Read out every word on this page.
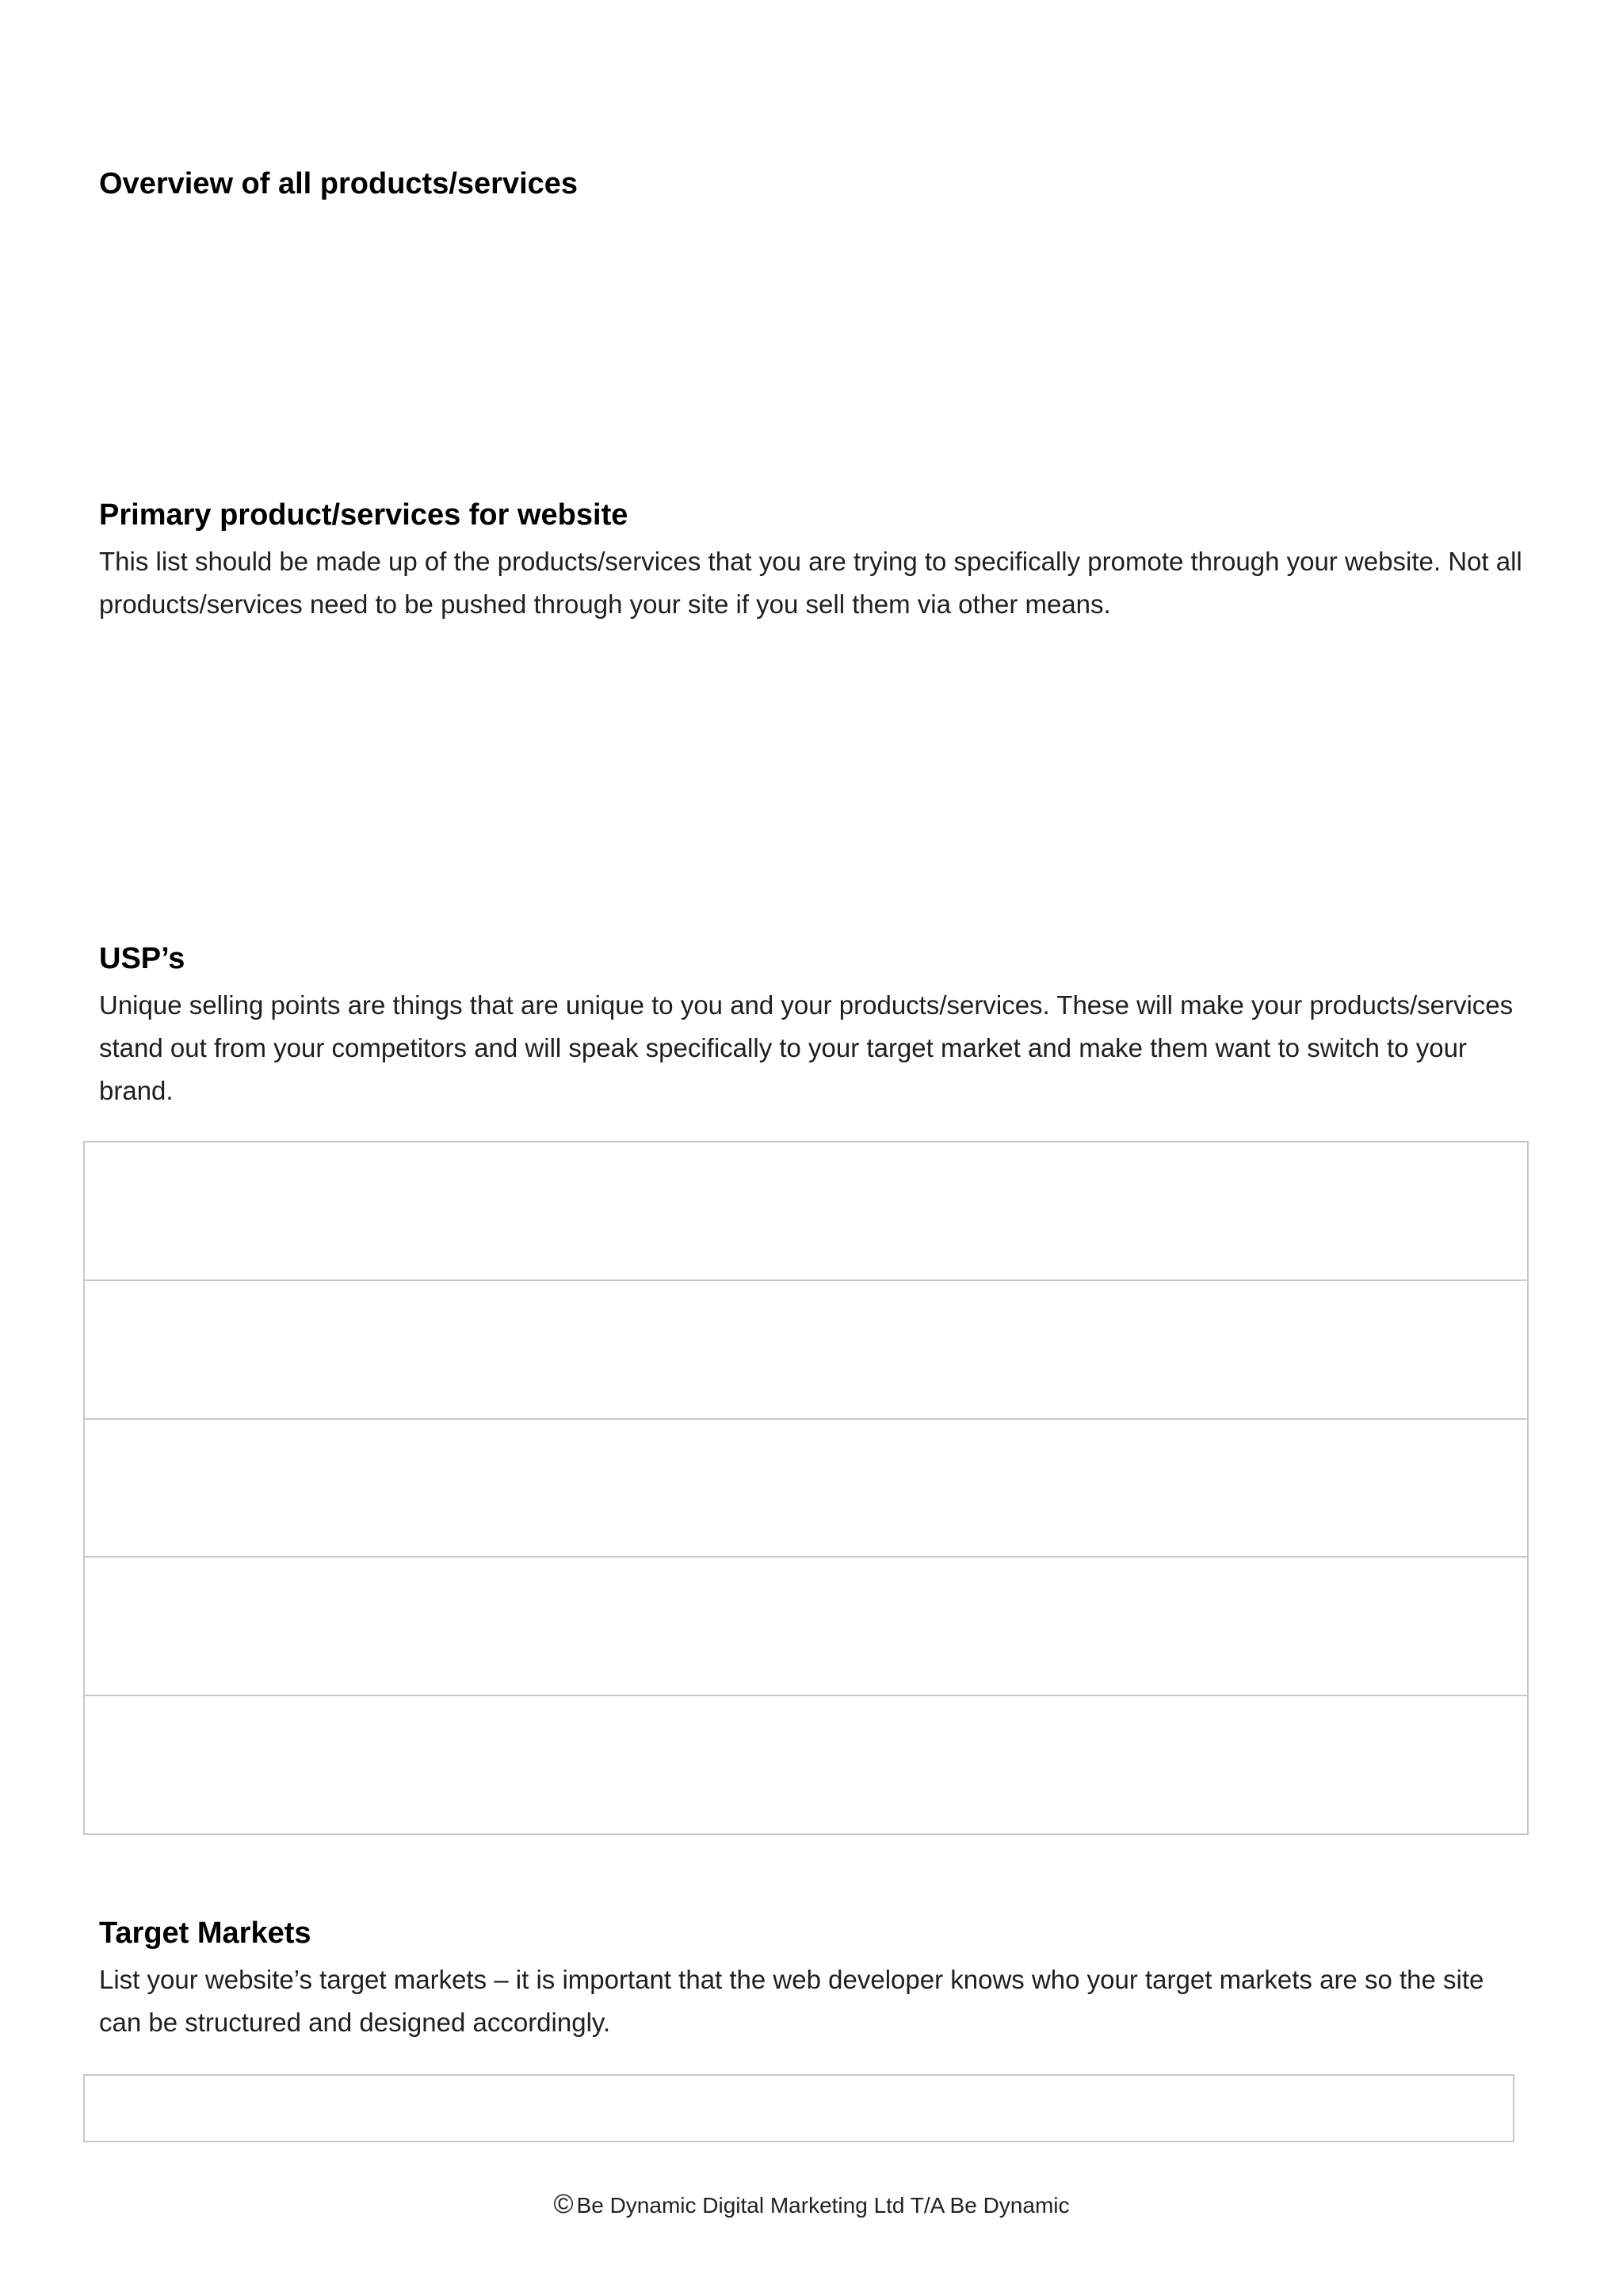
Overview of all products/services
Primary product/services for website

This list should be made up of the products/services that you are trying to specifically promote through your website. Not all products/services need to be pushed through your site if you sell them via other means.

USP’s

Unique selling points are things that are unique to you and your products/services. These will make your products/services stand out from your competitors and will speak specifically to your target market and make them want to switch to your brand.

Target Markets

List your website’s target markets – it is important that the web developer knows who your target markets are so the site can be structured and designed accordingly.

© Be Dynamic Digital Marketing Ltd T/A Be Dynamic
